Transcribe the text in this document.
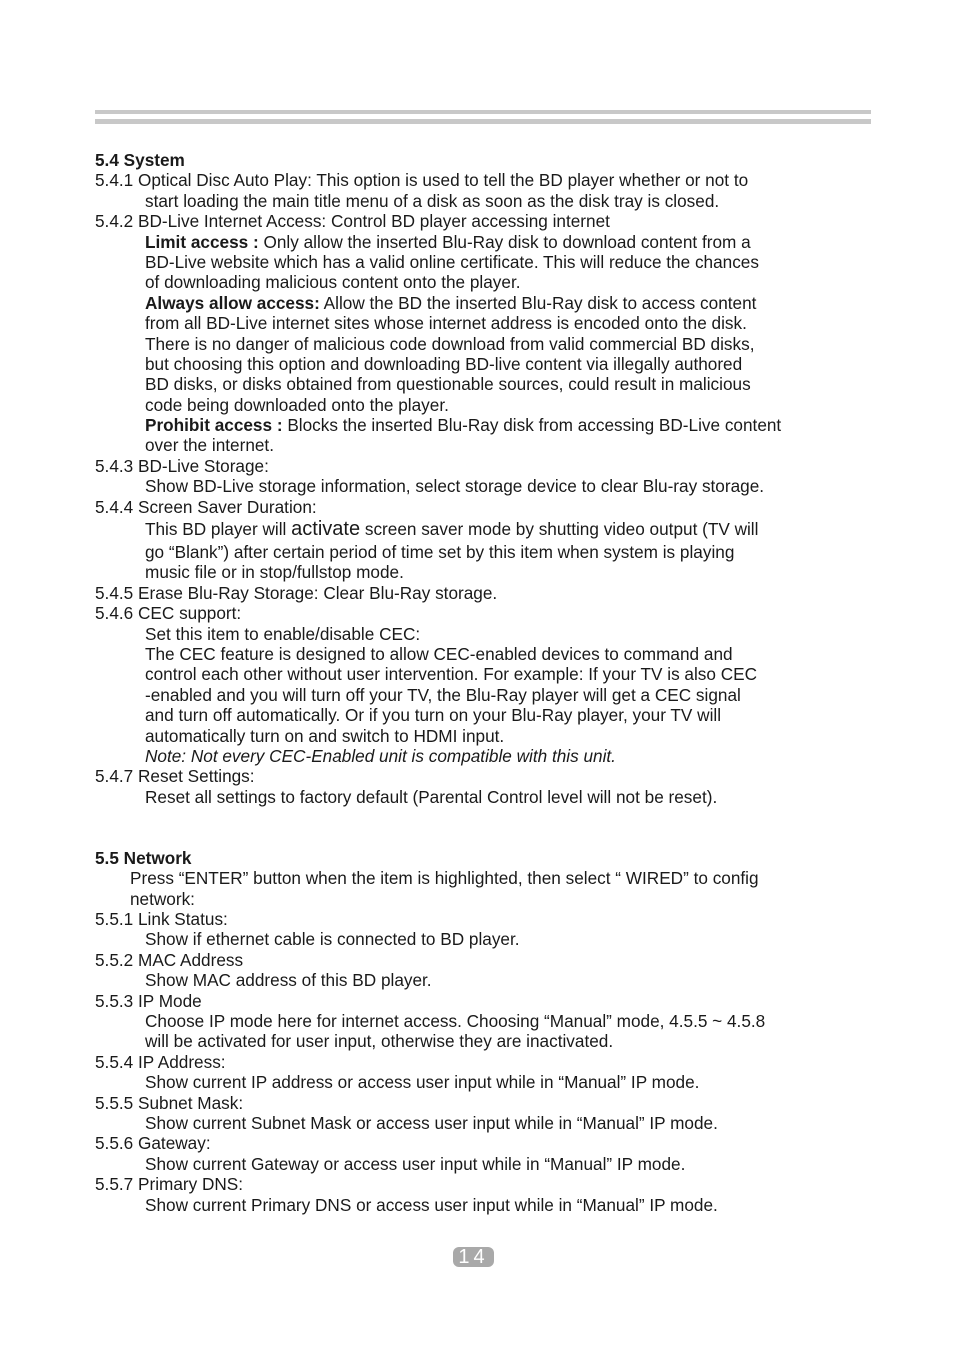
5.4 System
5.4.1 Optical Disc Auto Play: This option is used to tell the BD player whether or not to
start loading the main title menu of a disk as soon as the disk tray is closed.
5.4.2 BD-Live Internet Access: Control BD player accessing internet
Limit access : Only allow the inserted Blu-Ray disk to download content from a
BD-Live website which has a valid online certificate. This will reduce the chances
of downloading malicious content onto the player.
Always allow access: Allow the BD the inserted Blu-Ray disk to access content
from all BD-Live internet sites whose internet address is encoded onto the disk.
There is no danger of malicious code download from valid commercial BD disks,
but choosing this option and downloading BD-live content via illegally authored
BD disks, or disks obtained from questionable sources, could result in malicious
code being downloaded onto the player.
Prohibit access : Blocks the inserted Blu-Ray disk from accessing BD-Live content
over the internet.
5.4.3 BD-Live Storage:
Show BD-Live storage information, select storage device to clear Blu-ray storage.
5.4.4 Screen Saver Duration:
This BD player will activate screen saver mode by shutting video output (TV will
go “Blank”) after certain period of time set by this item when system is playing
music file or in stop/fullstop mode.
5.4.5 Erase Blu-Ray Storage: Clear Blu-Ray storage.
5.4.6 CEC support:
Set this item to enable/disable CEC:
The CEC feature is designed to allow CEC-enabled devices to command and
control each other without user intervention. For example: If your TV is also CEC
-enabled and you will turn off your TV, the Blu-Ray player will get a CEC signal
and turn off automatically. Or if you turn on your Blu-Ray player, your TV will
automatically turn on and switch to HDMI input.
Note: Not every CEC-Enabled unit is compatible with this unit.
5.4.7 Reset Settings:
Reset all settings to factory default (Parental Control level will not be reset).
5.5 Network
Press “ENTER” button when the item is highlighted, then select “ WIRED” to config
network:
5.5.1 Link Status:
Show if ethernet cable is connected to BD player.
5.5.2 MAC Address
Show MAC address of this BD player.
5.5.3 IP Mode
Choose IP mode here for internet access. Choosing “Manual” mode, 4.5.5 ~ 4.5.8
will be activated for user input, otherwise they are inactivated.
5.5.4 IP Address:
Show current IP address or access user input while in “Manual” IP mode.
5.5.5 Subnet Mask:
Show current Subnet Mask or access user input while in “Manual” IP mode.
5.5.6 Gateway:
Show current Gateway or access user input while in “Manual” IP mode.
5.5.7 Primary DNS:
Show current Primary DNS or access user input while in “Manual” IP mode.
14
